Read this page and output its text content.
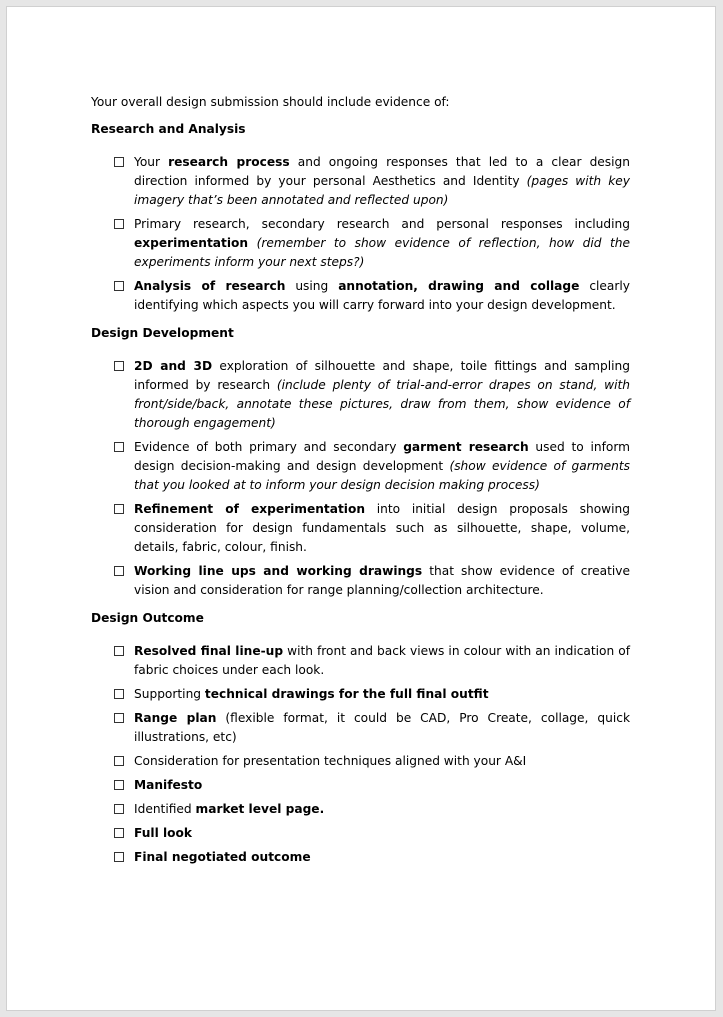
Your overall design submission should include evidence of:

Research and Analysis
Your research process and ongoing responses that led to a clear design direction informed by your personal Aesthetics and Identity (pages with key imagery that’s been annotated and reflected upon)
Primary research, secondary research and personal responses including experimentation (remember to show evidence of reflection, how did the experiments inform your next steps?)
Analysis of research using annotation, drawing and collage clearly identifying which aspects you will carry forward into your design development.
Design Development
2D and 3D exploration of silhouette and shape, toile fittings and sampling informed by research (include plenty of trial-and-error drapes on stand, with front/side/back, annotate these pictures, draw from them, show evidence of thorough engagement)
Evidence of both primary and secondary garment research used to inform design decision-making and design development (show evidence of garments that you looked at to inform your design decision making process)
Refinement of experimentation into initial design proposals showing consideration for design fundamentals such as silhouette, shape, volume, details, fabric, colour, finish.
Working line ups and working drawings that show evidence of creative vision and consideration for range planning/collection architecture.
Design Outcome
Resolved final line-up with front and back views in colour with an indication of fabric choices under each look.
Supporting technical drawings for the full final outfit
Range plan (flexible format, it could be CAD, Pro Create, collage, quick illustrations, etc)
Consideration for presentation techniques aligned with your A&I
Manifesto
Identified market level page.
Full look
Final negotiated outcome
